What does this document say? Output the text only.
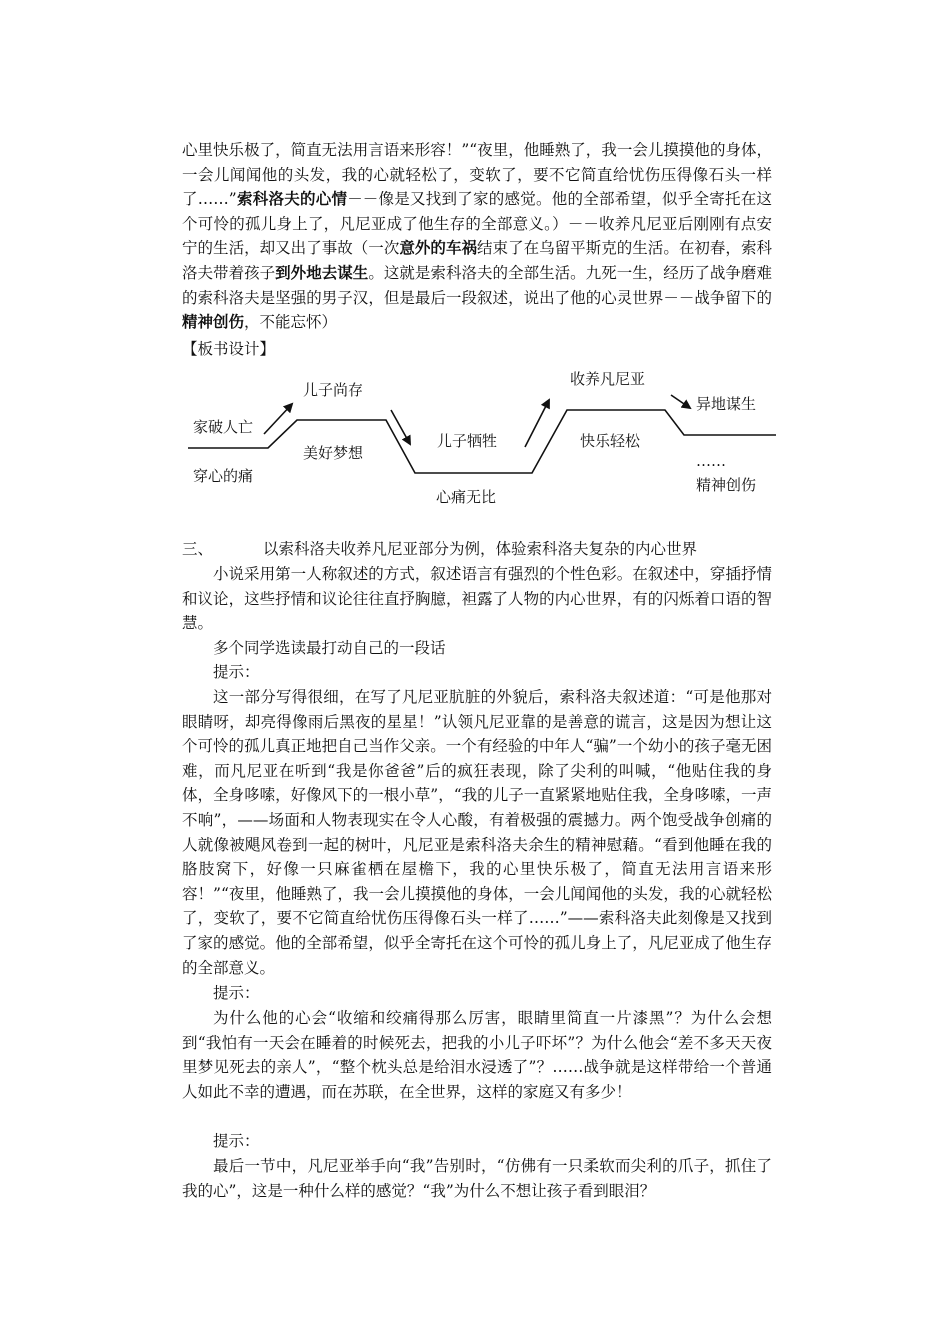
心里快乐极了，简直无法用言语来形容！”“夜里，他睡熟了，我一会儿摸摸他的身体，一会儿闻闻他的头发，我的心就轻松了，变软了，要不它简直给忧伤压得像石头一样了……”索科洛夫的心情－－像是又找到了家的感觉。他的全部希望，似乎全寄托在这个可怜的孤儿身上了，凡尼亚成了他生存的全部意义。）－－收养凡尼亚后刚刚有点安宁的生活，却又出了事故（一次意外的车祸结束了在乌留平斯克的生活。在初春，索科洛夫带着孩子到外地去谋生。这就是索科洛夫的全部生活。九死一生，经历了战争磨难的索科洛夫是坚强的男子汉，但是最后一段叙述，说出了他的心灵世界－－战争留下的精神创伤，不能忘怀）

【板书设计】

家破人亡
穿心的痛
儿子尚存
美好梦想
儿子牺牲
心痛无比
收养凡尼亚
快乐轻松
异地谋生
……
精神创伤

三、	以索科洛夫收养凡尼亚部分为例，体验索科洛夫复杂的内心世界

小说采用第一人称叙述的方式，叙述语言有强烈的个性色彩。在叙述中，穿插抒情和议论，这些抒情和议论往往直抒胸臆，袒露了人物的内心世界，有的闪烁着口语的智慧。

多个同学选读最打动自己的一段话

提示：

这一部分写得很细，在写了凡尼亚肮脏的外貌后，索科洛夫叙述道：“可是他那对眼睛呀，却亮得像雨后黑夜的星星！”认领凡尼亚靠的是善意的谎言，这是因为想让这个可怜的孤儿真正地把自己当作父亲。一个有经验的中年人“骗”一个幼小的孩子毫无困难，而凡尼亚在听到“我是你爸爸”后的疯狂表现，除了尖利的叫喊，“他贴住我的身体，全身哆嗦，好像风下的一根小草”，“我的儿子一直紧紧地贴住我，全身哆嗦，一声不响”，——场面和人物表现实在令人心酸，有着极强的震撼力。两个饱受战争创痛的人就像被飓风卷到一起的树叶，凡尼亚是索科洛夫余生的精神慰藉。“看到他睡在我的胳肢窝下，好像一只麻雀栖在屋檐下，我的心里快乐极了，简直无法用言语来形容！”“夜里，他睡熟了，我一会儿摸摸他的身体，一会儿闻闻他的头发，我的心就轻松了，变软了，要不它简直给忧伤压得像石头一样了……”——索科洛夫此刻像是又找到了家的感觉。他的全部希望，似乎全寄托在这个可怜的孤儿身上了，凡尼亚成了他生存的全部意义。

提示：

为什么他的心会“收缩和绞痛得那么厉害，眼睛里简直一片漆黑”？为什么会想到“我怕有一天会在睡着的时候死去，把我的小儿子吓坏”？为什么他会“差不多天天夜里梦见死去的亲人”，“整个枕头总是给泪水浸透了”？……战争就是这样带给一个普通人如此不幸的遭遇，而在苏联，在全世界，这样的家庭又有多少！

提示：

最后一节中，凡尼亚举手向“我”告别时，“仿佛有一只柔软而尖利的爪子，抓住了我的心”，这是一种什么样的感觉？“我”为什么不想让孩子看到眼泪？
